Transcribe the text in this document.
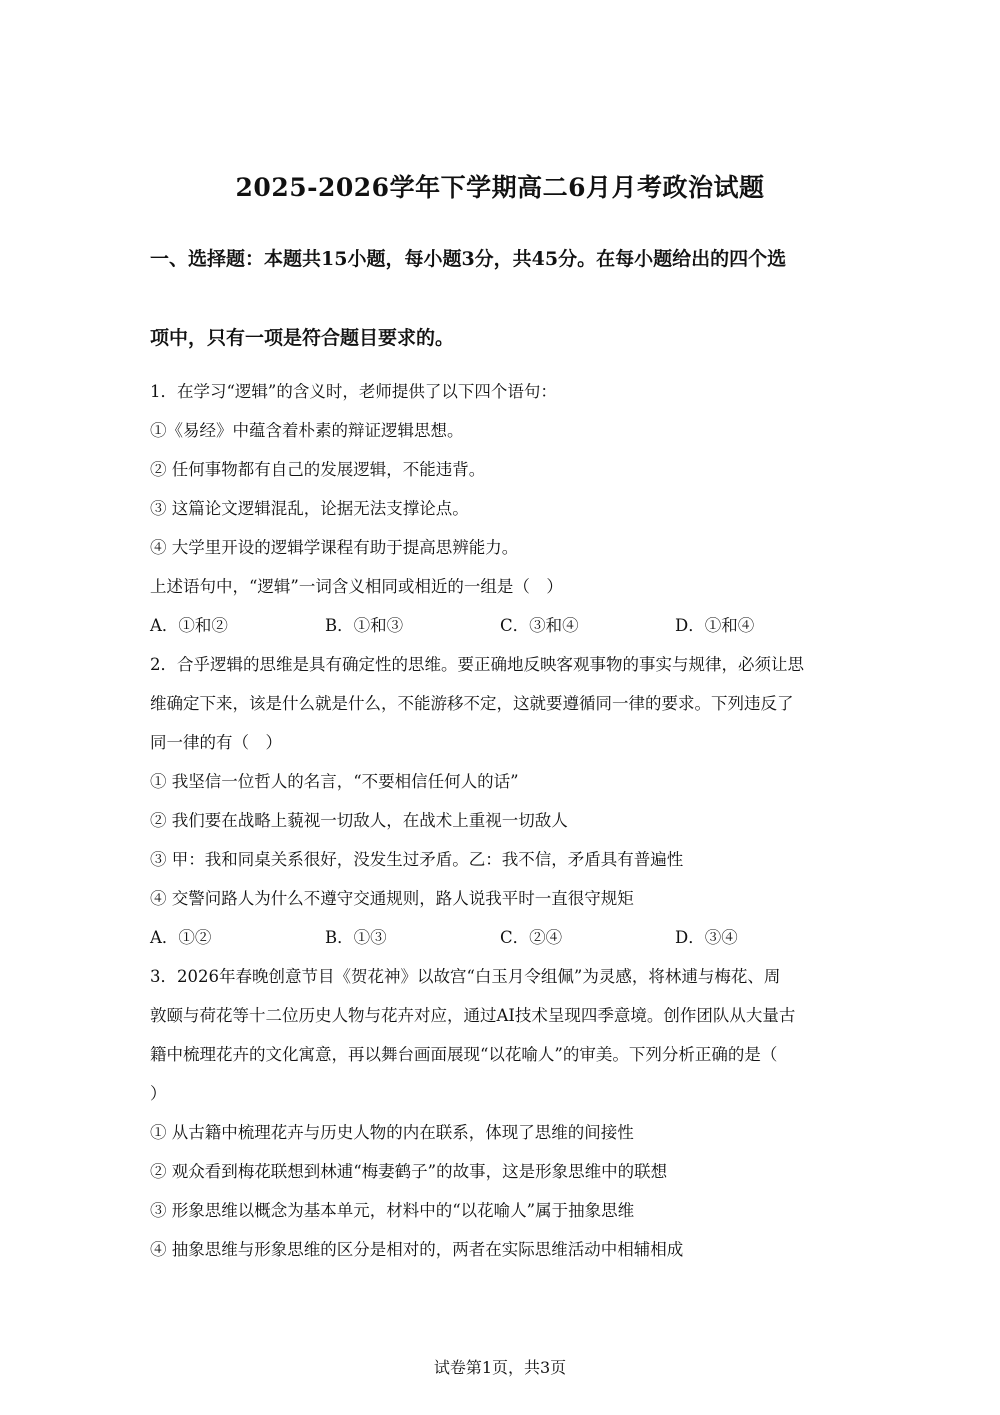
2025-2026学年下学期高二6月月考政治试题
一、选择题：本题共15小题，每小题3分，共45分。在每小题给出的四个选
项中，只有一项是符合题目要求的。
1．在学习“逻辑”的含义时，老师提供了以下四个语句：
①《易经》中蕴含着朴素的辩证逻辑思想。
② 任何事物都有自己的发展逻辑，不能违背。
③ 这篇论文逻辑混乱，论据无法支撑论点。
④ 大学里开设的逻辑学课程有助于提高思辨能力。
上述语句中，“逻辑”一词含义相同或相近的一组是（　）
A．①和②	B．①和③	C．③和④	D．①和④
2．合乎逻辑的思维是具有确定性的思维。要正确地反映客观事物的事实与规律，必须让思
维确定下来，该是什么就是什么，不能游移不定，这就要遵循同一律的要求。下列违反了
同一律的有（　）
① 我坚信一位哲人的名言，“不要相信任何人的话”
② 我们要在战略上藐视一切敌人，在战术上重视一切敌人
③ 甲：我和同桌关系很好，没发生过矛盾。乙：我不信，矛盾具有普遍性
④ 交警问路人为什么不遵守交通规则，路人说我平时一直很守规矩
A．①②	B．①③	C．②④	D．③④
3．2026年春晚创意节目《贺花神》以故宫“白玉月令组佩”为灵感，将林逋与梅花、周
敦颐与荷花等十二位历史人物与花卉对应，通过AI技术呈现四季意境。创作团队从大量古
籍中梳理花卉的文化寓意，再以舞台画面展现“以花喻人”的审美。下列分析正确的是（
）
① 从古籍中梳理花卉与历史人物的内在联系，体现了思维的间接性
② 观众看到梅花联想到林逋“梅妻鹤子”的故事，这是形象思维中的联想
③ 形象思维以概念为基本单元，材料中的“以花喻人”属于抽象思维
④ 抽象思维与形象思维的区分是相对的，两者在实际思维活动中相辅相成
试卷第1页，共3页
